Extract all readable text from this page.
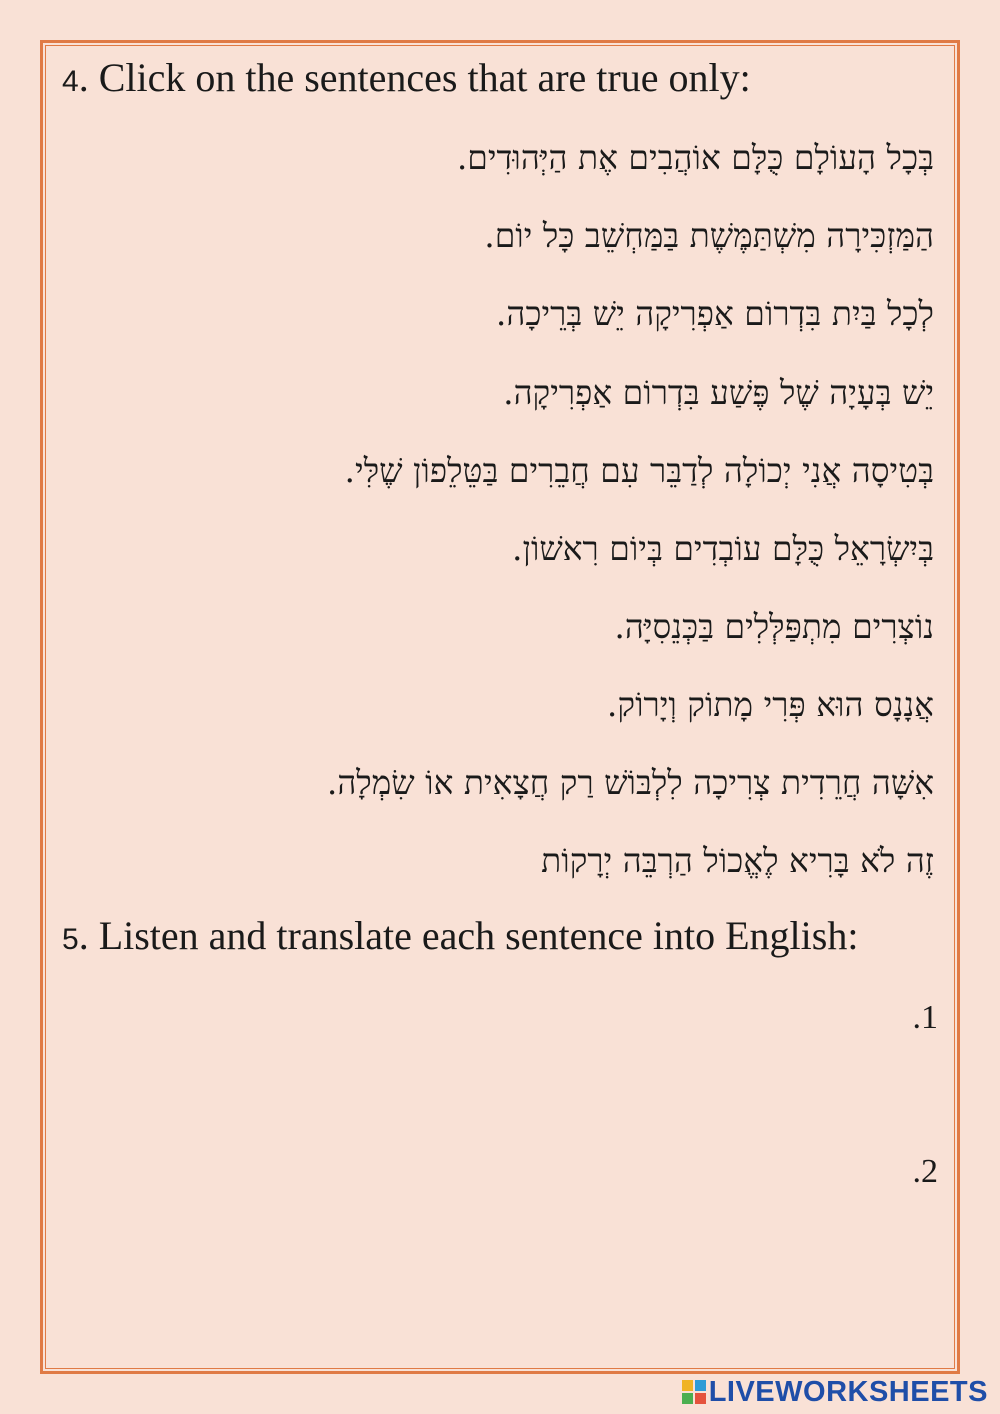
4. Click on the sentences that are true only:
בְּכָל הָעוֹלָם כֻּלָּם אוֹהֲבִים אֶת הַיְּהוּדִים.
הַמַּזְכִּירָה מִשְׁתַּמֶּשֶׁת בַּמַּחְשֵׁב כָּל יוֹם.
לְכָל בַּיִת בִּדְרוֹם אַפְרִיקָה יֵשׁ בְּרֵיכָה.
יֵשׁ בְּעָיָה שֶׁל פֶּשַׁע בִּדְרוֹם אַפְרִיקָה.
בְּטִיסָה אֲנִי יְכוֹלָה לְדַבֵּר עִם חֲבֵרִים בַּטֵּלֵפוֹן שֶׁלִּי.
בְּיִשְׂרָאֵל כֻּלָּם עוֹבְדִים בְּיוֹם רִאשׁוֹן.
נוֹצְרִים מִתְפַּלְּלִים בַּכְּנֵסִיָּה.
אֲנָנָס הוּא פְּרִי מָתוֹק וְיָרוֹק.
אִשָּׁה חֲרֵדִית צְרִיכָה לִלְבּוֹשׁ רַק חֲצָאִית אוֹ שִׂמְלָה.
זֶה לֹא בָּרִיא לֶאֱכוֹל הַרְבֵּה יְרָקוֹת
5. Listen and translate each sentence into English:
.1
.2
LIVEWORKSHEETS
